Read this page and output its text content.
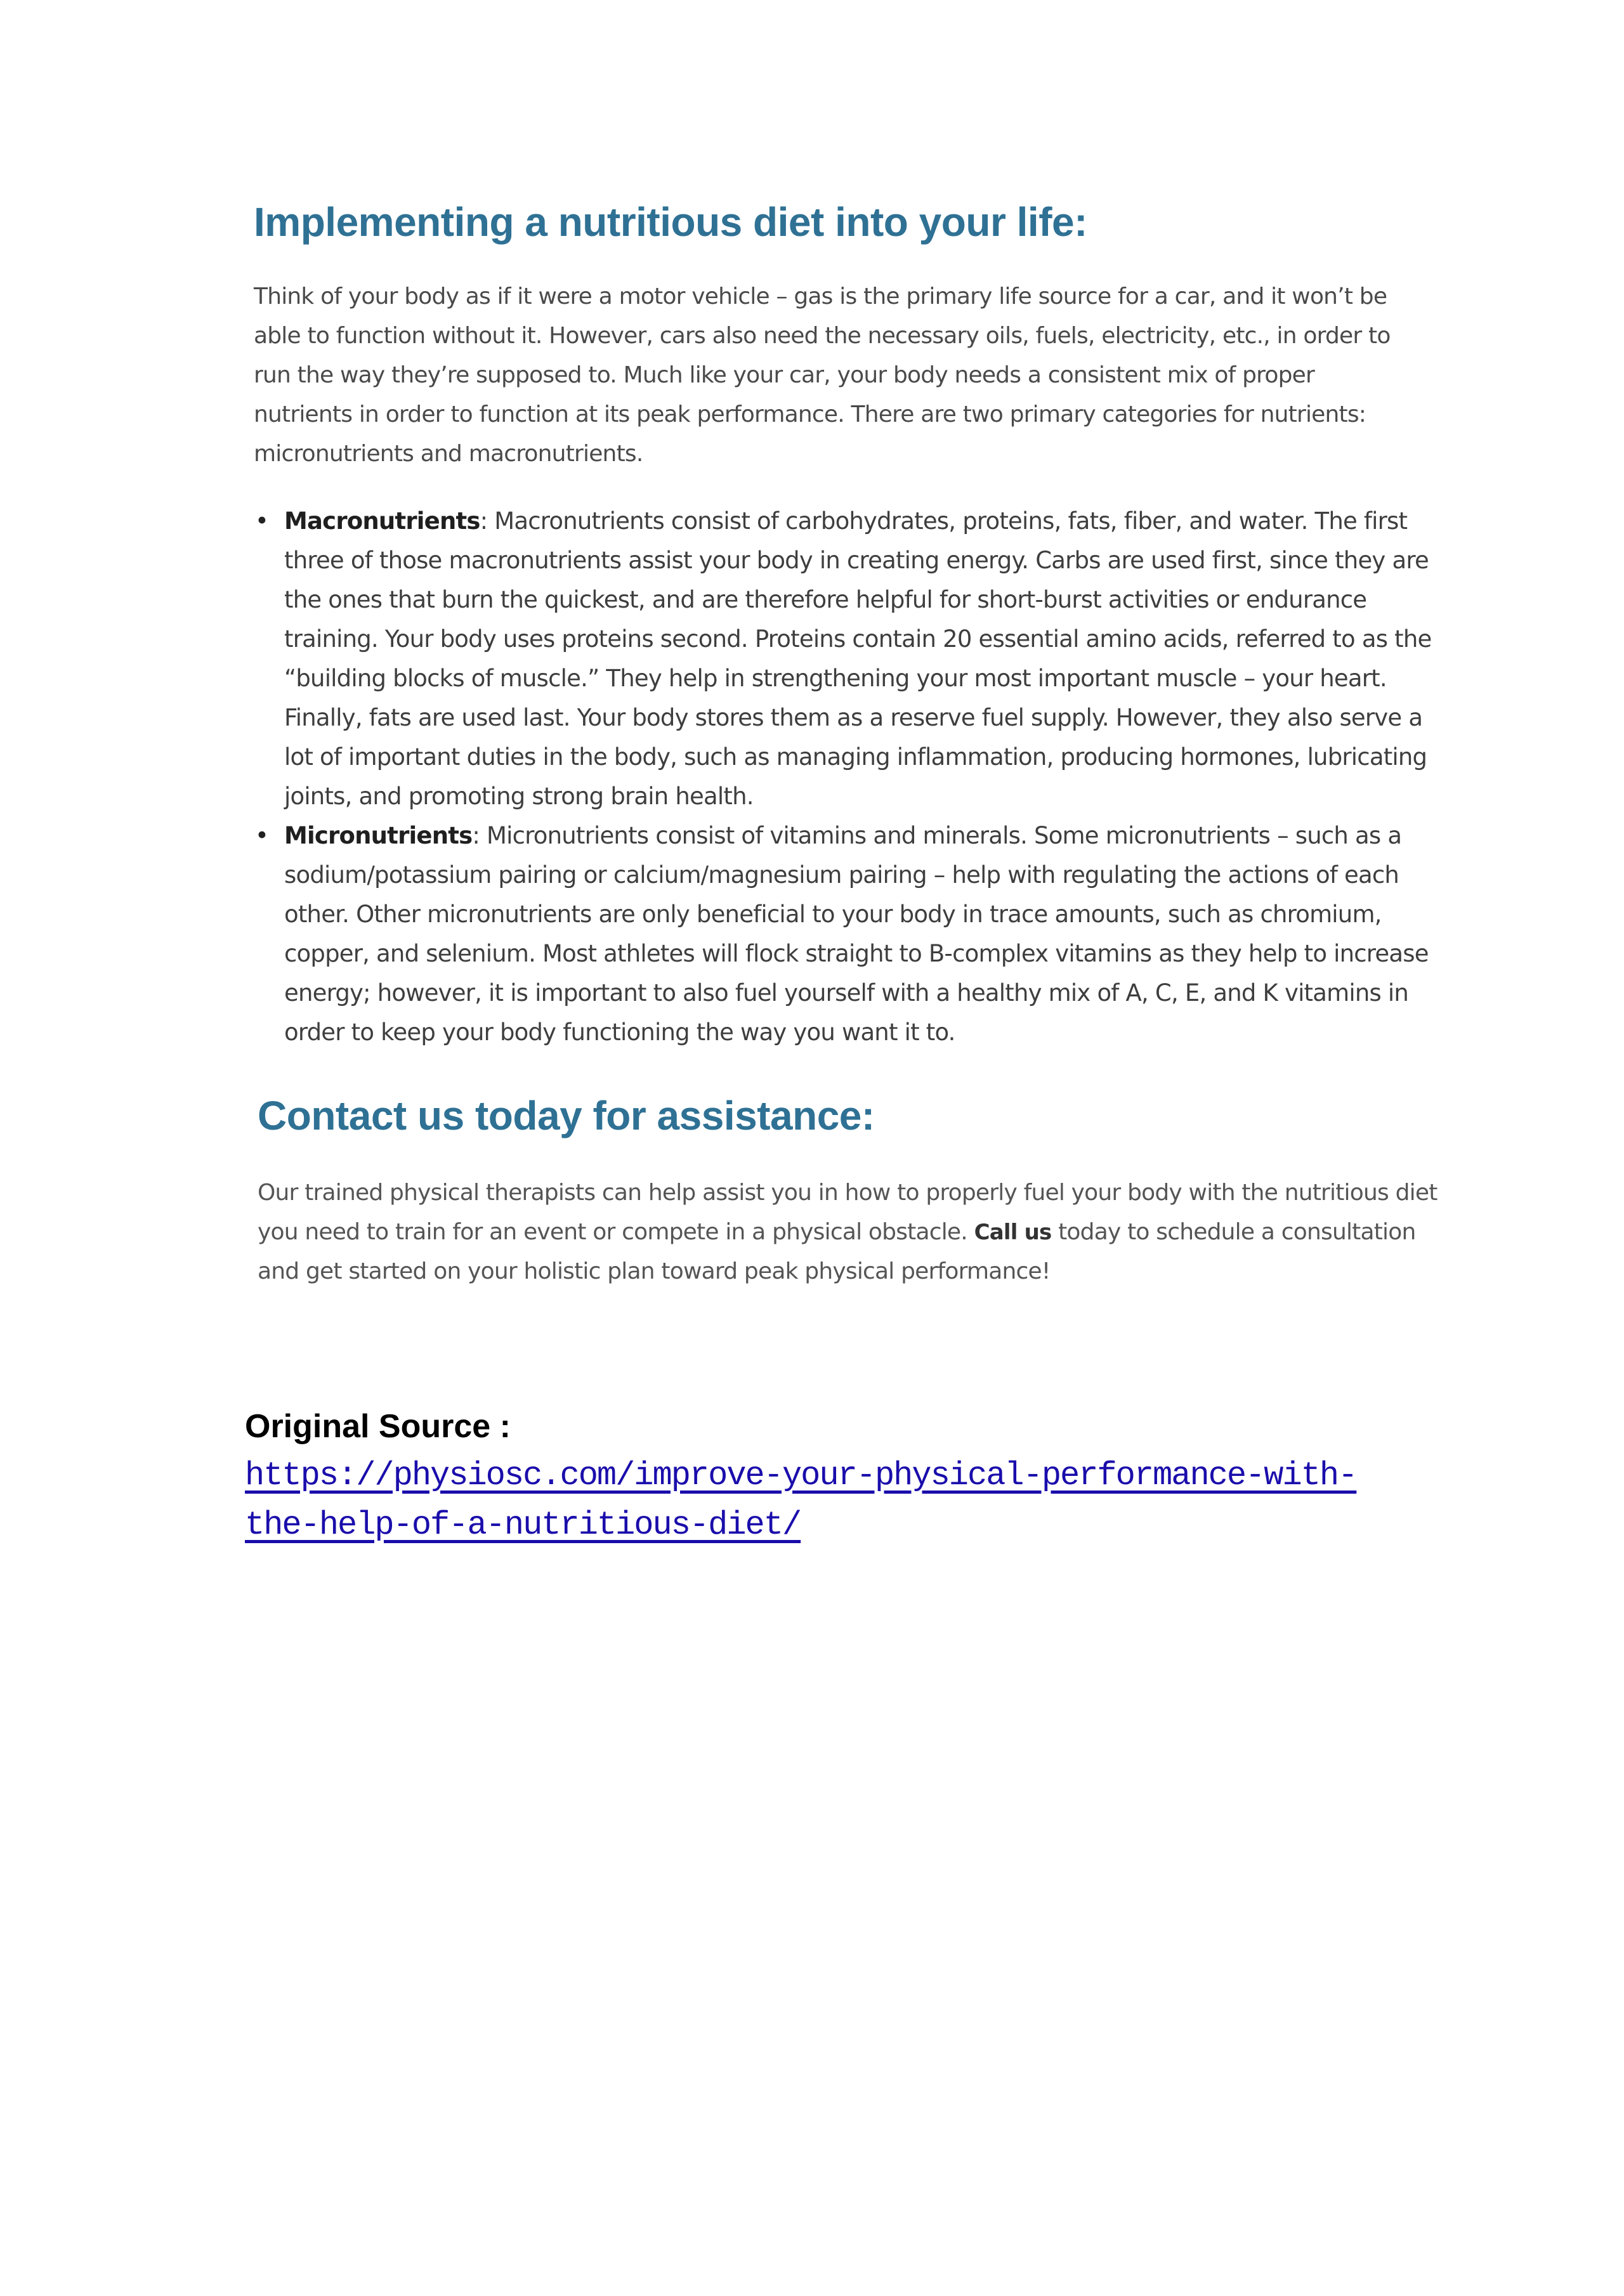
Implementing a nutritious diet into your life:

Think of your body as if it were a motor vehicle – gas is the primary life source for a car, and it won’t be able to function without it. However, cars also need the necessary oils, fuels, electricity, etc., in order to run the way they’re supposed to. Much like your car, your body needs a consistent mix of proper nutrients in order to function at its peak performance. There are two primary categories for nutrients: micronutrients and macronutrients.

• Macronutrients: Macronutrients consist of carbohydrates, proteins, fats, fiber, and water. The first three of those macronutrients assist your body in creating energy. Carbs are used first, since they are the ones that burn the quickest, and are therefore helpful for short-burst activities or endurance training. Your body uses proteins second. Proteins contain 20 essential amino acids, referred to as the “building blocks of muscle.” They help in strengthening your most important muscle – your heart. Finally, fats are used last. Your body stores them as a reserve fuel supply. However, they also serve a lot of important duties in the body, such as managing inflammation, producing hormones, lubricating joints, and promoting strong brain health.
• Micronutrients: Micronutrients consist of vitamins and minerals. Some micronutrients – such as a sodium/potassium pairing or calcium/magnesium pairing – help with regulating the actions of each other. Other micronutrients are only beneficial to your body in trace amounts, such as chromium, copper, and selenium. Most athletes will flock straight to B-complex vitamins as they help to increase energy; however, it is important to also fuel yourself with a healthy mix of A, C, E, and K vitamins in order to keep your body functioning the way you want it to.
Contact us today for assistance:

Our trained physical therapists can help assist you in how to properly fuel your body with the nutritious diet you need to train for an event or compete in a physical obstacle. Call us today to schedule a consultation and get started on your holistic plan toward peak physical performance!

Original Source :

https://physiosc.com/improve-your-physical-performance-with-the-help-of-a-nutritious-diet/
